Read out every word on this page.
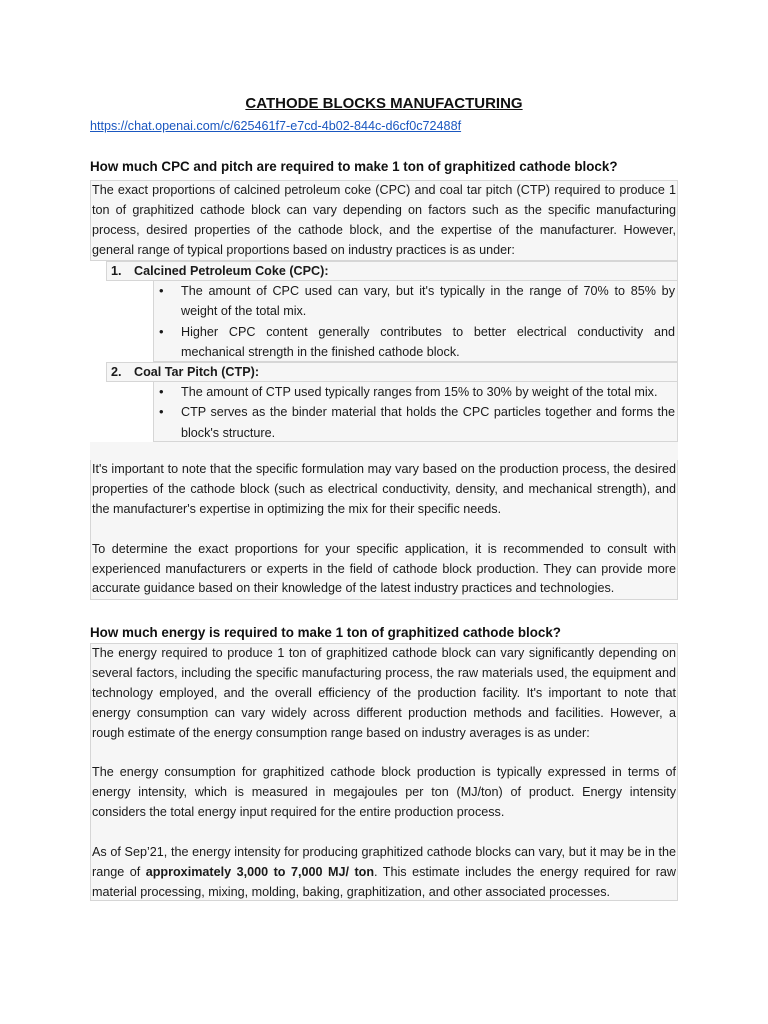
CATHODE BLOCKS MANUFACTURING
https://chat.openai.com/c/625461f7-e7cd-4b02-844c-d6cf0c72488f
How much CPC and pitch are required to make 1 ton of graphitized cathode block?

The exact proportions of calcined petroleum coke (CPC) and coal tar pitch (CTP) required to produce 1 ton of graphitized cathode block can vary depending on factors such as the specific manufacturing process, desired properties of the cathode block, and the expertise of the manufacturer. However, general range of typical proportions based on industry practices is as under:

1. Calcined Petroleum Coke (CPC):
• The amount of CPC used can vary, but it's typically in the range of 70% to 85% by weight of the total mix.
• Higher CPC content generally contributes to better electrical conductivity and mechanical strength in the finished cathode block.
2. Coal Tar Pitch (CTP):
• The amount of CTP used typically ranges from 15% to 30% by weight of the total mix.
• CTP serves as the binder material that holds the CPC particles together and forms the block's structure.

It's important to note that the specific formulation may vary based on the production process, the desired properties of the cathode block (such as electrical conductivity, density, and mechanical strength), and the manufacturer's expertise in optimizing the mix for their specific needs.

To determine the exact proportions for your specific application, it is recommended to consult with experienced manufacturers or experts in the field of cathode block production. They can provide more accurate guidance based on their knowledge of the latest industry practices and technologies.

How much energy is required to make 1 ton of graphitized cathode block?

The energy required to produce 1 ton of graphitized cathode block can vary significantly depending on several factors, including the specific manufacturing process, the raw materials used, the equipment and technology employed, and the overall efficiency of the production facility. It's important to note that energy consumption can vary widely across different production methods and facilities. However, a rough estimate of the energy consumption range based on industry averages is as under:

The energy consumption for graphitized cathode block production is typically expressed in terms of energy intensity, which is measured in megajoules per ton (MJ/ton) of product. Energy intensity considers the total energy input required for the entire production process.

As of Sep’21, the energy intensity for producing graphitized cathode blocks can vary, but it may be in the range of approximately 3,000 to 7,000 MJ/ ton. This estimate includes the energy required for raw material processing, mixing, molding, baking, graphitization, and other associated processes.
